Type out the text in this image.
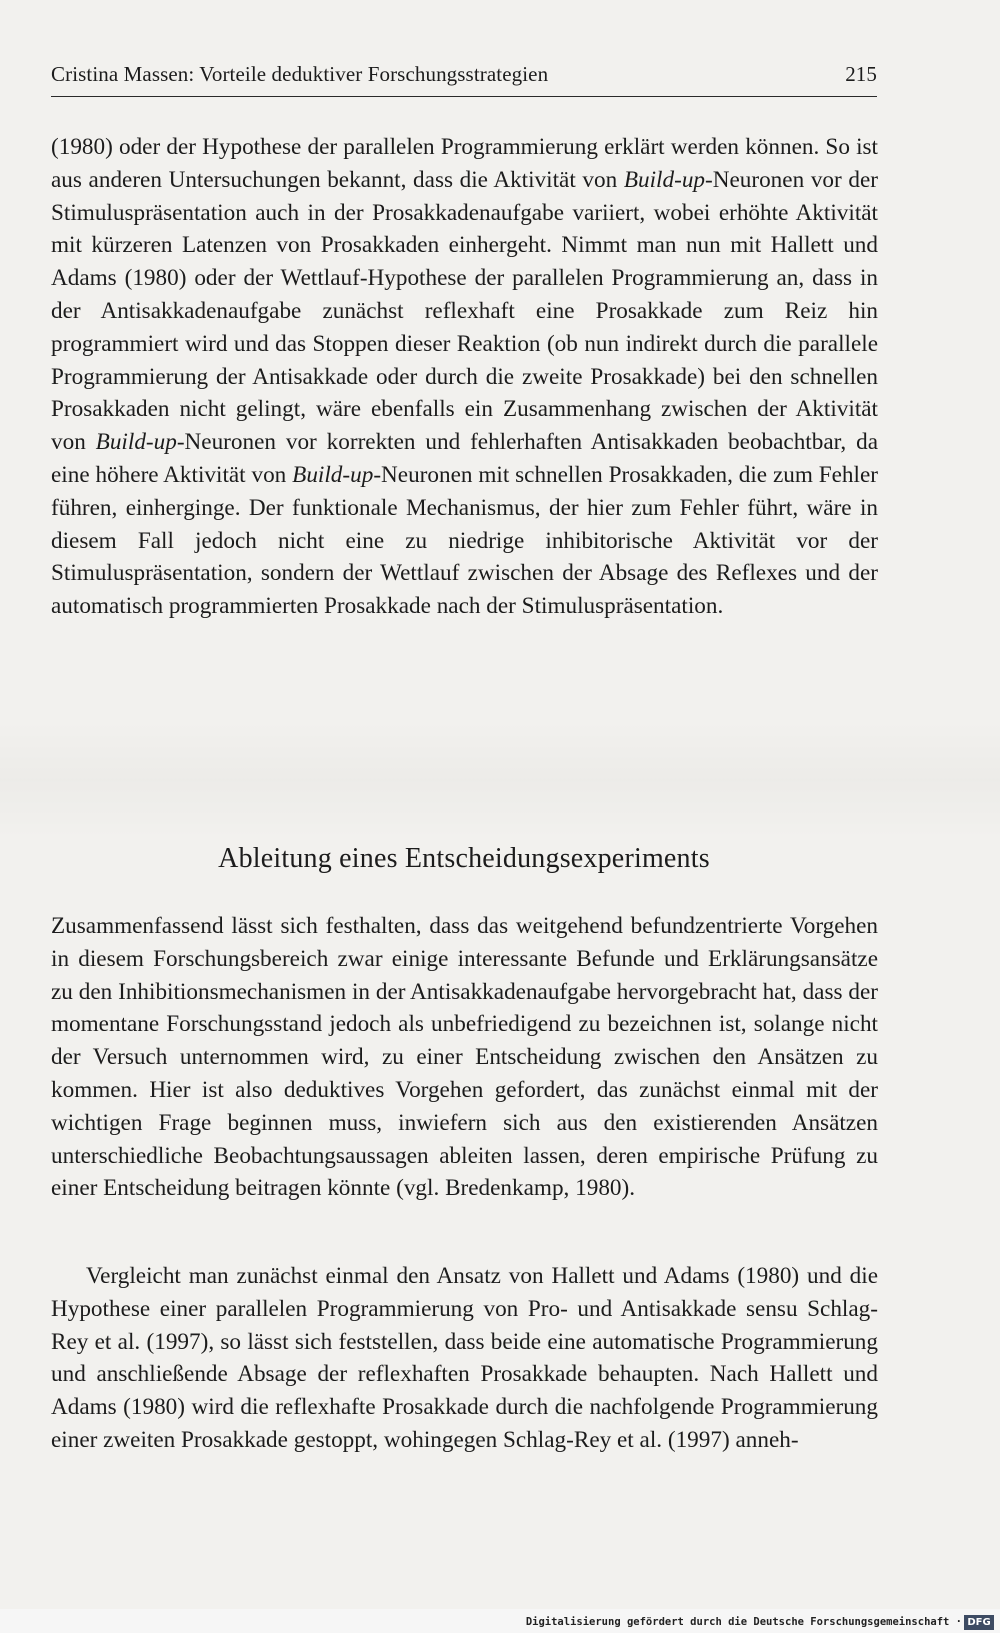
Cristina Massen: Vorteile deduktiver Forschungsstrategien	215

(1980) oder der Hypothese der parallelen Programmierung erklärt werden können. So ist aus anderen Untersuchungen bekannt, dass die Aktivität von Build-up-Neuronen vor der Stimuluspräsentation auch in der Prosakkadenaufgabe variiert, wobei erhöhte Aktivität mit kürzeren Latenzen von Prosakkaden einhergeht. Nimmt man nun mit Hallett und Adams (1980) oder der Wettlauf-Hypothese der parallelen Programmierung an, dass in der Antisakkadenaufgabe zunächst reflexhaft eine Prosakkade zum Reiz hin programmiert wird und das Stoppen dieser Reaktion (ob nun indirekt durch die parallele Programmierung der Antisakkade oder durch die zweite Prosakkade) bei den schnellen Prosakkaden nicht gelingt, wäre ebenfalls ein Zusammenhang zwischen der Aktivität von Build-up-Neuronen vor korrekten und fehlerhaften Antisakkaden beobachtbar, da eine höhere Aktivität von Build-up-Neuronen mit schnellen Prosakkaden, die zum Fehler führen, einherginge. Der funktionale Mechanismus, der hier zum Fehler führt, wäre in diesem Fall jedoch nicht eine zu niedrige inhibitorische Aktivität vor der Stimuluspräsentation, sondern der Wettlauf zwischen der Absage des Reflexes und der automatisch programmierten Prosakkade nach der Stimuluspräsentation.

Ableitung eines Entscheidungsexperiments

Zusammenfassend lässt sich festhalten, dass das weitgehend befundzentrierte Vorgehen in diesem Forschungsbereich zwar einige interessante Befunde und Erklärungsansätze zu den Inhibitionsmechanismen in der Antisakkadenaufgabe hervorgebracht hat, dass der momentane Forschungsstand jedoch als unbefriedigend zu bezeichnen ist, solange nicht der Versuch unternommen wird, zu einer Entscheidung zwischen den Ansätzen zu kommen. Hier ist also deduktives Vorgehen gefordert, das zunächst einmal mit der wichtigen Frage beginnen muss, inwiefern sich aus den existierenden Ansätzen unterschiedliche Beobachtungsaussagen ableiten lassen, deren empirische Prüfung zu einer Entscheidung beitragen könnte (vgl. Bredenkamp, 1980).

Vergleicht man zunächst einmal den Ansatz von Hallett und Adams (1980) und die Hypothese einer parallelen Programmierung von Pro- und Antisakkade sensu Schlag-Rey et al. (1997), so lässt sich feststellen, dass beide eine automatische Programmierung und anschließende Absage der reflexhaften Prosakkade behaupten. Nach Hallett und Adams (1980) wird die reflexhafte Prosakkade durch die nachfolgende Programmierung einer zweiten Prosakkade gestoppt, wohingegen Schlag-Rey et al. (1997) anneh-

Digitalisierung gefördert durch die Deutsche Forschungsgemeinschaft · DFG
